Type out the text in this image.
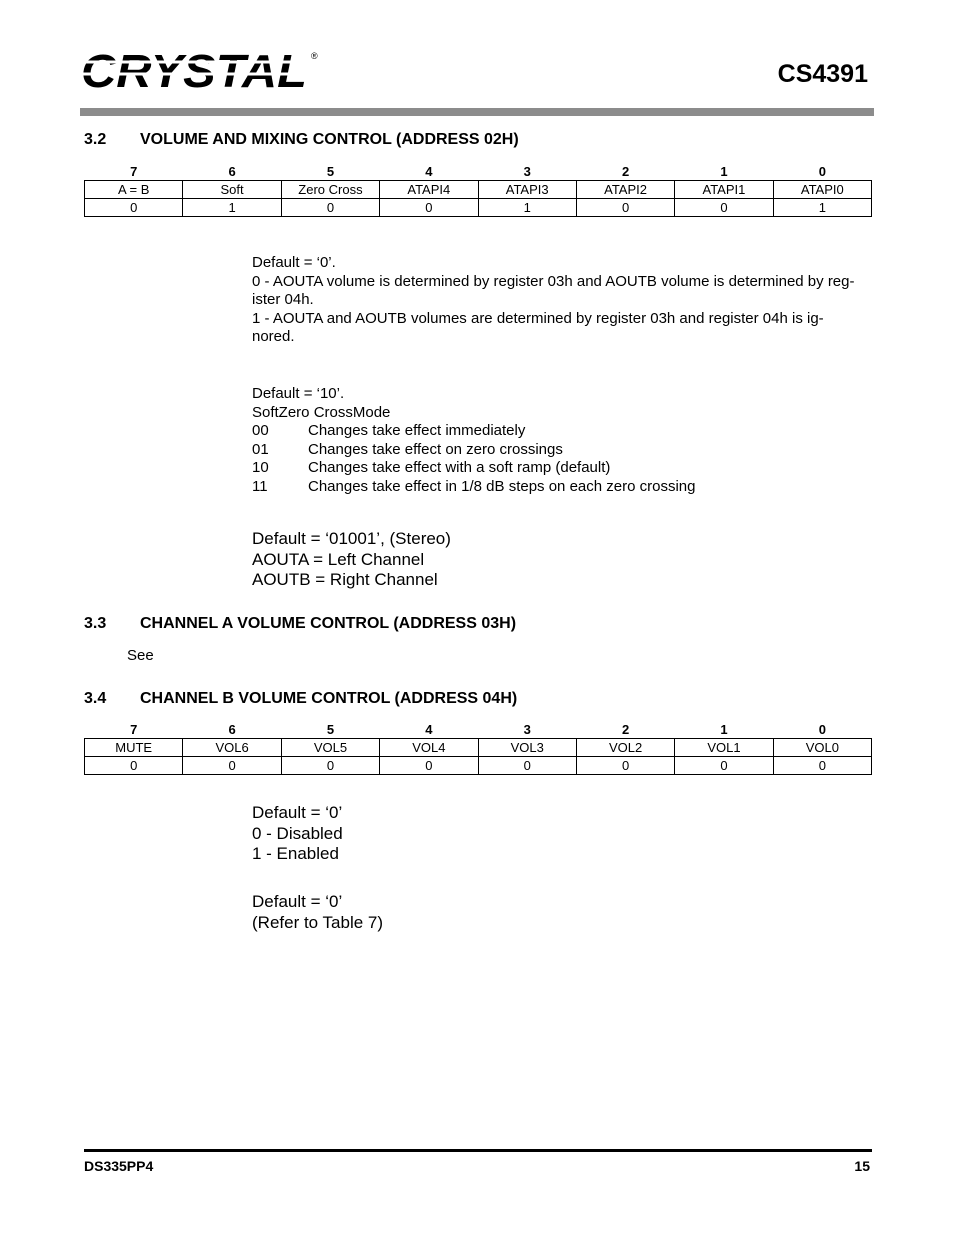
CRYSTAL ®
CS4391
3.2 VOLUME AND MIXING CONTROL (ADDRESS 02H)
7	6	5	4	3	2	1	0
A = B	Soft	Zero Cross	ATAPI4	ATAPI3	ATAPI2	ATAPI1	ATAPI0
0	1	0	0	1	0	0	1
Default = ‘0’.
0 - AOUTA volume is determined by register 03h and AOUTB volume is determined by reg-
ister 04h.
1 - AOUTA and AOUTB volumes are determined by register 03h and register 04h is ig-
nored.
Default = ‘10’.
SoftZero CrossMode
00	Changes take effect immediately
01	Changes take effect on zero crossings
10	Changes take effect with a soft ramp (default)
11	Changes take effect in 1/8 dB steps on each zero crossing
Default = ‘01001’, (Stereo)
AOUTA = Left Channel
AOUTB = Right Channel
3.3 CHANNEL A VOLUME CONTROL (ADDRESS 03H)
See
3.4 CHANNEL B VOLUME CONTROL (ADDRESS 04H)
7	6	5	4	3	2	1	0
MUTE	VOL6	VOL5	VOL4	VOL3	VOL2	VOL1	VOL0
0	0	0	0	0	0	0	0
Default = ‘0’
0 - Disabled
1 - Enabled
Default = ‘0’
(Refer to Table 7)
DS335PP4	15
